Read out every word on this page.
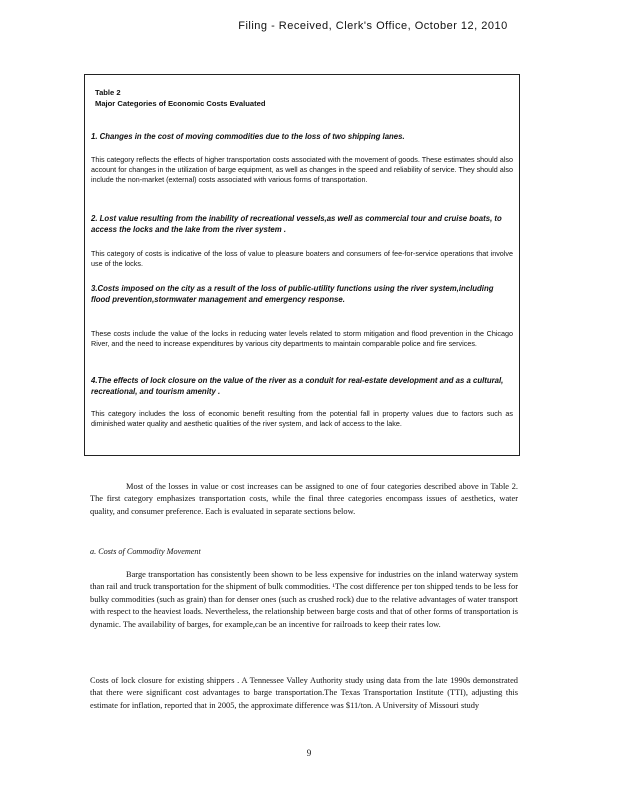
Filing - Received, Clerk's Office, October 12, 2010
Table 2
Major Categories of Economic Costs Evaluated
1. Changes in the cost of moving commodities due to the loss of two shipping lanes.
This category reflects the effects of higher transportation costs associated with the movement of goods. These estimates should also account for changes in the utilization of barge equipment, as well as changes in the speed and reliability of service. They should also include the non-market (external) costs associated with various forms of transportation.
2. Lost value resulting from the inability of recreational vessels,as well as commercial tour and cruise boats, to access the locks and the lake from the river system .
This category of costs is indicative of the loss of value to pleasure boaters and consumers of fee-for-service operations that involve use of the locks.
3.Costs imposed on the city as a result of the loss of public-utility functions using the river system,including flood prevention,stormwater management and emergency response.
These costs include the value of the locks in reducing water levels related to storm mitigation and flood prevention in the Chicago River, and the need to increase expenditures by various city departments to maintain comparable police and fire services.
4.The effects of lock closure on the value of the river as a conduit for real-estate development and as a cultural, recreational, and tourism amenity .
This category includes the loss of economic benefit resulting from the potential fall in property values due to factors such as diminished water quality and aesthetic qualities of the river system, and lack of access to the lake.
Most of the losses in value or cost increases can be assigned to one of four categories described above in Table 2. The first category emphasizes transportation costs, while the final three categories encompass issues of aesthetics, water quality, and consumer preference. Each is evaluated in separate sections below.
a. Costs of Commodity Movement
Barge transportation has consistently been shown to be less expensive for industries on the inland waterway system than rail and truck transportation for the shipment of bulk commodities. ¹The cost difference per ton shipped tends to be less for bulky commodities (such as grain) than for denser ones (such as crushed rock) due to the relative advantages of water transport with respect to the heaviest loads. Nevertheless, the relationship between barge costs and that of other forms of transportation is dynamic. The availability of barges, for example,can be an incentive for railroads to keep their rates low.
Costs of lock closure for existing shippers . A Tennessee Valley Authority study using data from the late 1990s demonstrated that there were significant cost advantages to barge transportation.The Texas Transportation Institute (TTI), adjusting this estimate for inflation, reported that in 2005, the approximate difference was $11/ton. A University of Missouri study
9
